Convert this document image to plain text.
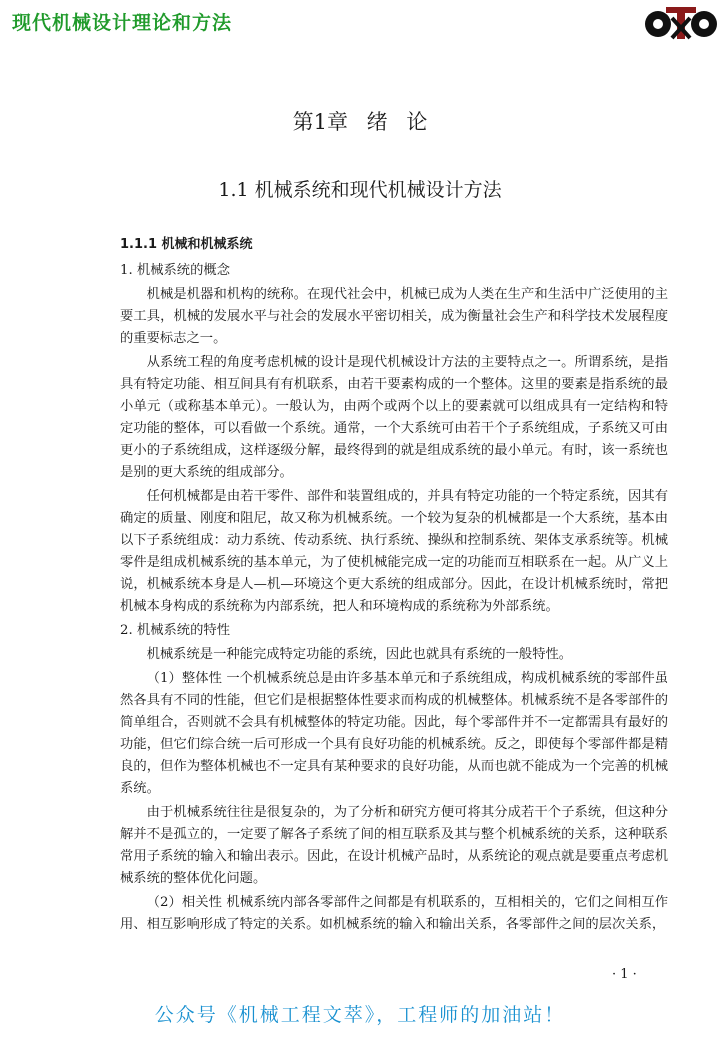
现代机械设计理论和方法
第1章 绪 论
1.1 机械系统和现代机械设计方法
1.1.1 机械和机械系统
1. 机械系统的概念

机械是机器和机构的统称。在现代社会中，机械已成为人类在生产和生活中广泛使用的主要工具，机械的发展水平与社会的发展水平密切相关，成为衡量社会生产和科学技术发展程度的重要标志之一。

从系统工程的角度考虑机械的设计是现代机械设计方法的主要特点之一。所谓系统，是指具有特定功能、相互间具有有机联系，由若干要素构成的一个整体。这里的要素是指系统的最小单元（或称基本单元）。一般认为，由两个或两个以上的要素就可以组成具有一定结构和特定功能的整体，可以看做一个系统。通常，一个大系统可由若干个子系统组成，子系统又可由更小的子系统组成，这样逐级分解，最终得到的就是组成系统的最小单元。有时，该一系统也是别的更大系统的组成部分。

任何机械都是由若干零件、部件和装置组成的，并具有特定功能的一个特定系统，因其有确定的质量、刚度和阻尼，故又称为机械系统。一个较为复杂的机械都是一个大系统，基本由以下子系统组成：动力系统、传动系统、执行系统、操纵和控制系统、架体支承系统等。机械零件是组成机械系统的基本单元，为了使机械能完成一定的功能而互相联系在一起。从广义上说，机械系统本身是人—机—环境这个更大系统的组成部分。因此，在设计机械系统时，常把机械本身构成的系统称为内部系统，把人和环境构成的系统称为外部系统。

2. 机械系统的特性

机械系统是一种能完成特定功能的系统，因此也就具有系统的一般特性。

（1）整体性 一个机械系统总是由许多基本单元和子系统组成，构成机械系统的零部件虽然各具有不同的性能，但它们是根据整体性要求而构成的机械整体。机械系统不是各零部件的简单组合，否则就不会具有机械整体的特定功能。因此，每个零部件并不一定都需具有最好的功能，但它们综合统一后可形成一个具有良好功能的机械系统。反之，即使每个零部件都是精良的，但作为整体机械也不一定具有某种要求的良好功能，从而也就不能成为一个完善的机械系统。

由于机械系统往往是很复杂的，为了分析和研究方便可将其分成若干个子系统，但这种分解并不是孤立的，一定要了解各子系统了间的相互联系及其与整个机械系统的关系，这种联系常用子系统的输入和输出表示。因此，在设计机械产品时，从系统论的观点就是要重点考虑机械系统的整体优化问题。

（2）相关性 机械系统内部各零部件之间都是有机联系的，互相相关的，它们之间相互作用、相互影响形成了特定的关系。如机械系统的输入和输出关系，各零部件之间的层次关系，

· 1 ·
公众号《机械工程文萃》，工程师的加油站！
